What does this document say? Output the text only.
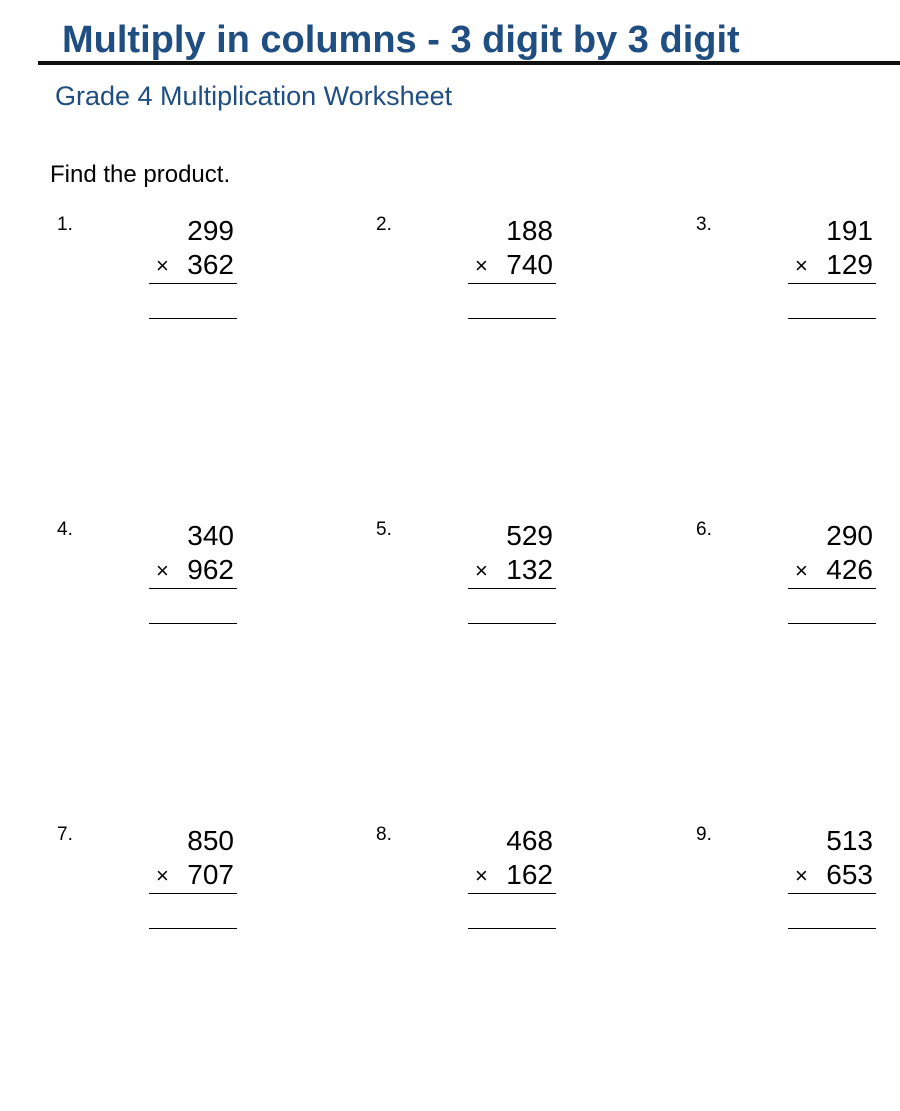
Multiply in columns - 3 digit by 3 digit
Grade 4 Multiplication Worksheet
Find the product.
1.	299
× 362
2.	188
× 740
3.	191
× 129
4.	340
× 962
5.	529
× 132
6.	290
× 426
7.	850
× 707
8.	468
× 162
9.	513
× 653
